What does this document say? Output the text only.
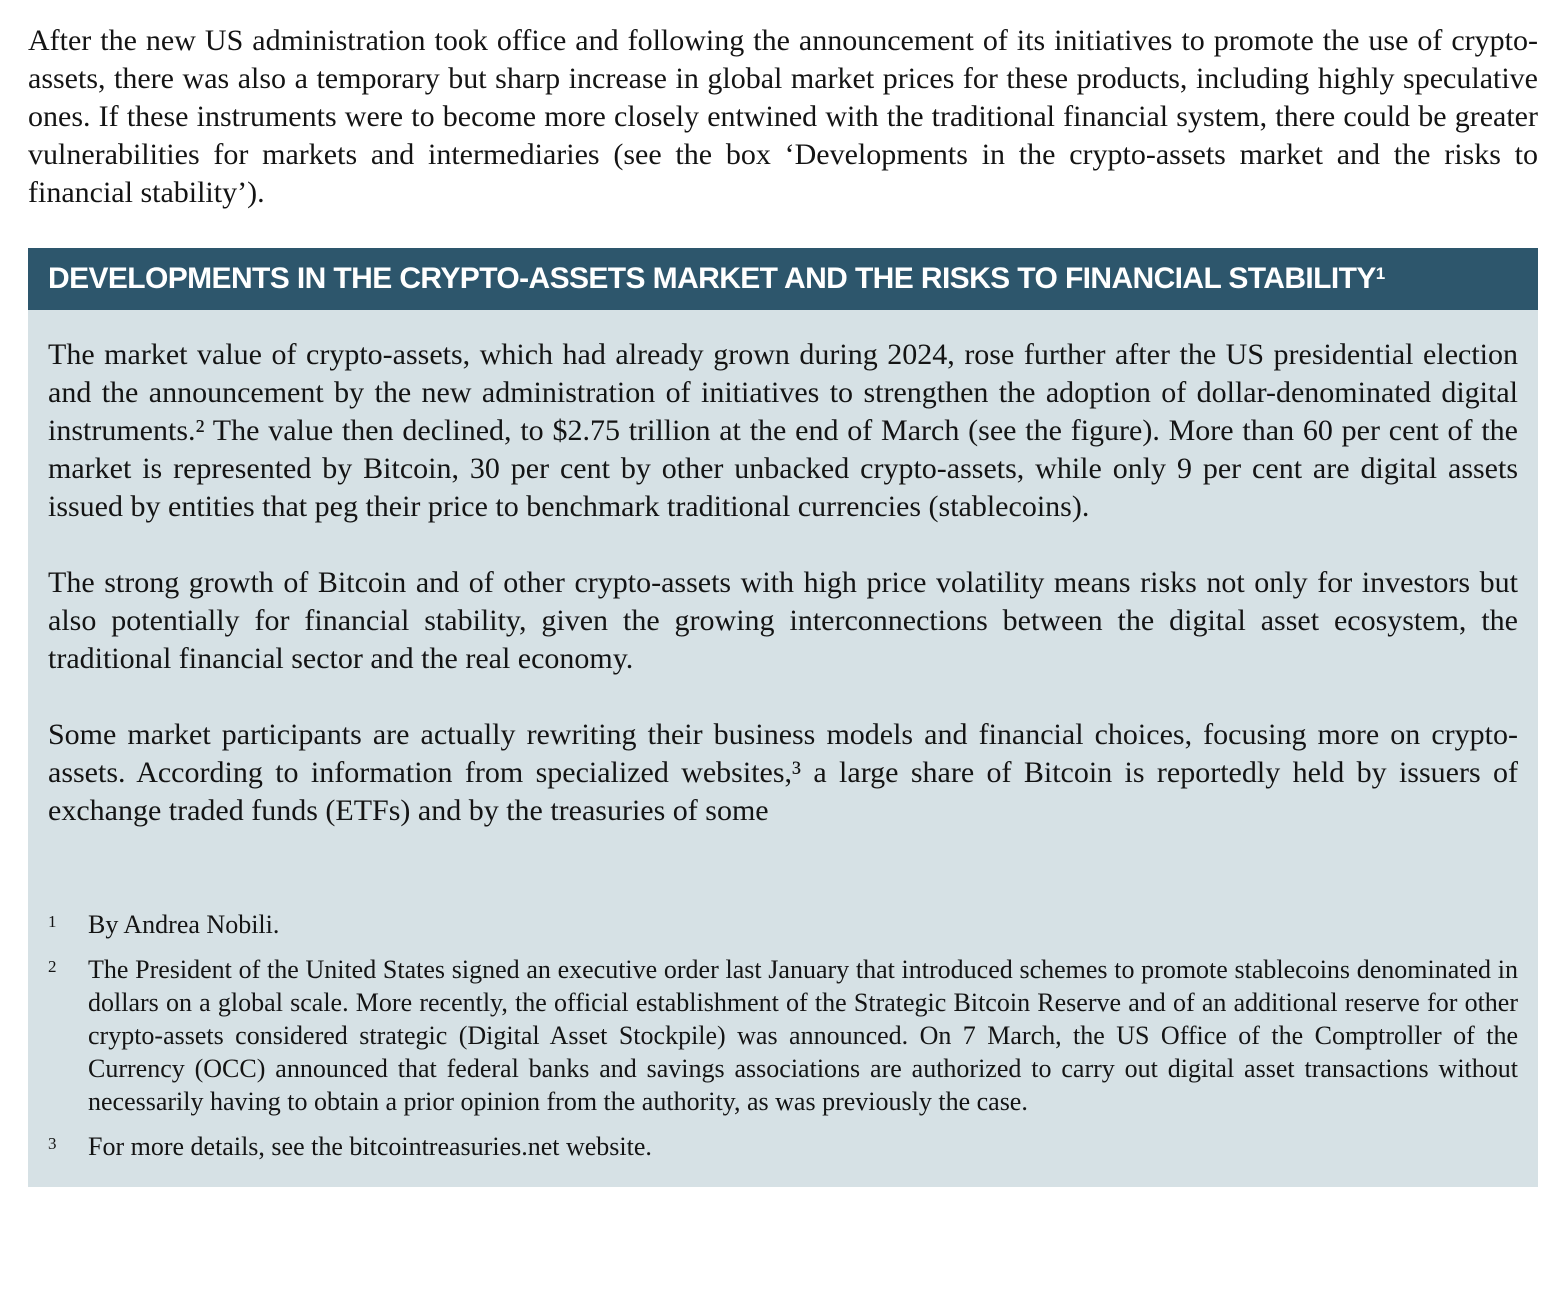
After the new US administration took office and following the announcement of its initiatives to promote the use of crypto-assets, there was also a temporary but sharp increase in global market prices for these products, including highly speculative ones. If these instruments were to become more closely entwined with the traditional financial system, there could be greater vulnerabilities for markets and intermediaries (see the box ‘Developments in the crypto-assets market and the risks to financial stability’).

DEVELOPMENTS IN THE CRYPTO-ASSETS MARKET AND THE RISKS TO FINANCIAL STABILITY$^1$

The market value of crypto-assets, which had already grown during 2024, rose further after the US presidential election and the announcement by the new administration of initiatives to strengthen the adoption of dollar-denominated digital instruments.² The value then declined, to $2.75 trillion at the end of March (see the figure). More than 60 per cent of the market is represented by Bitcoin, 30 per cent by other unbacked crypto-assets, while only 9 per cent are digital assets issued by entities that peg their price to benchmark traditional currencies (stablecoins).

The strong growth of Bitcoin and of other crypto-assets with high price volatility means risks not only for investors but also potentially for financial stability, given the growing interconnections between the digital asset ecosystem, the traditional financial sector and the real economy.

Some market participants are actually rewriting their business models and financial choices, focusing more on crypto-assets. According to information from specialized websites,³ a large share of Bitcoin is reportedly held by issuers of exchange traded funds (ETFs) and by the treasuries of some

1	By Andrea Nobili.
2	The President of the United States signed an executive order last January that introduced schemes to promote stablecoins denominated in dollars on a global scale. More recently, the official establishment of the Strategic Bitcoin Reserve and of an additional reserve for other crypto-assets considered strategic (Digital Asset Stockpile) was announced. On 7 March, the US Office of the Comptroller of the Currency (OCC) announced that federal banks and savings associations are authorized to carry out digital asset transactions without necessarily having to obtain a prior opinion from the authority, as was previously the case.
3	For more details, see the bitcointreasuries.net website.
